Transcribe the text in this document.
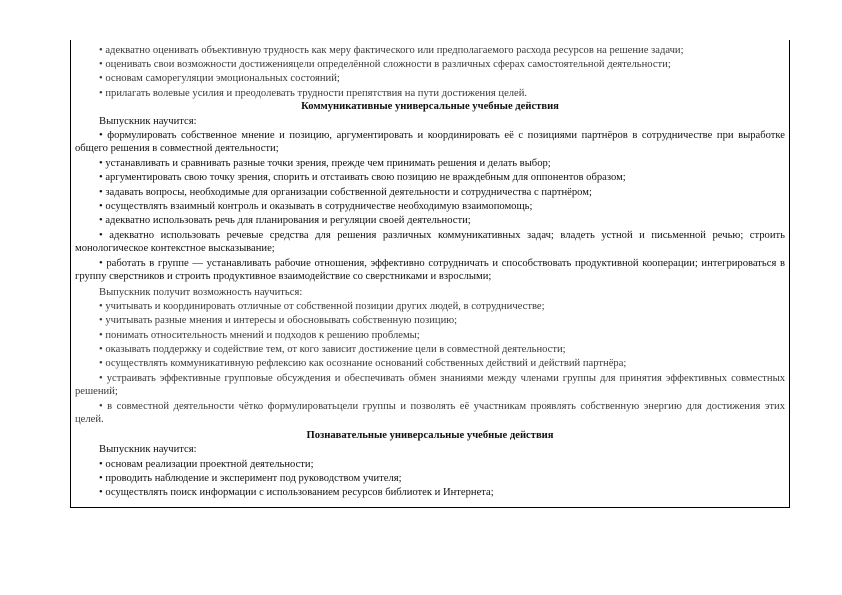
• адекватно оценивать объективную трудность как меру фактического или предполагаемого расхода ресурсов на решение задачи;
• оценивать свои возможности достиженияцели определённой сложности в различных сферах самостоятельной деятельности;
• основам саморегуляции эмоциональных состояний;
• прилагать волевые усилия и преодолевать трудности препятствия на пути достижения целей.
Коммуникативные универсальные учебные действия
Выпускник научится:
• формулировать собственное мнение и позицию, аргументировать и координировать её с позициями партнёров в сотрудничестве при выработке общего решения в совместной деятельности;
• устанавливать и сравнивать разные точки зрения, прежде чем принимать решения и делать выбор;
• аргументировать свою точку зрения, спорить и отстаивать свою позицию не враждебным для оппонентов образом;
• задавать вопросы, необходимые для организации собственной деятельности и сотрудничества с партнёром;
• осуществлять взаимный контроль и оказывать в сотрудничестве необходимую взаимопомощь;
• адекватно использовать речь для планирования и регуляции своей деятельности;
• адекватно использовать речевые средства для решения различных коммуникативных задач; владеть устной и письменной речью; строить монологическое контекстное высказывание;
• работать в группе — устанавливать рабочие отношения, эффективно сотрудничать и способствовать продуктивной кооперации; интегрироваться в группу сверстников и строить продуктивное взаимодействие со сверстниками и взрослыми;
Выпускник получит возможность научиться:
• учитывать и координировать отличные от собственной позиции других людей, в сотрудничестве;
• учитывать разные мнения и интересы и обосновывать собственную позицию;
• понимать относительность мнений и подходов к решению проблемы;
• оказывать поддержку и содействие тем, от кого зависит достижение цели в совместной деятельности;
• осуществлять коммуникативную рефлексию как осознание оснований собственных действий и действий партнёра;
• устраивать эффективные групповые обсуждения и обеспечивать обмен знаниями между членами группы для принятия эффективных совместных решений;
• в совместной деятельности чётко формулироватьцели группы и позволять её участникам проявлять собственную энергию для достижения этих целей.
Познавательные универсальные учебные действия
Выпускник научится:
• основам реализации проектной деятельности;
• проводить наблюдение и эксперимент под руководством учителя;
• осуществлять поиск информации с использованием ресурсов библиотек и Интернета;
